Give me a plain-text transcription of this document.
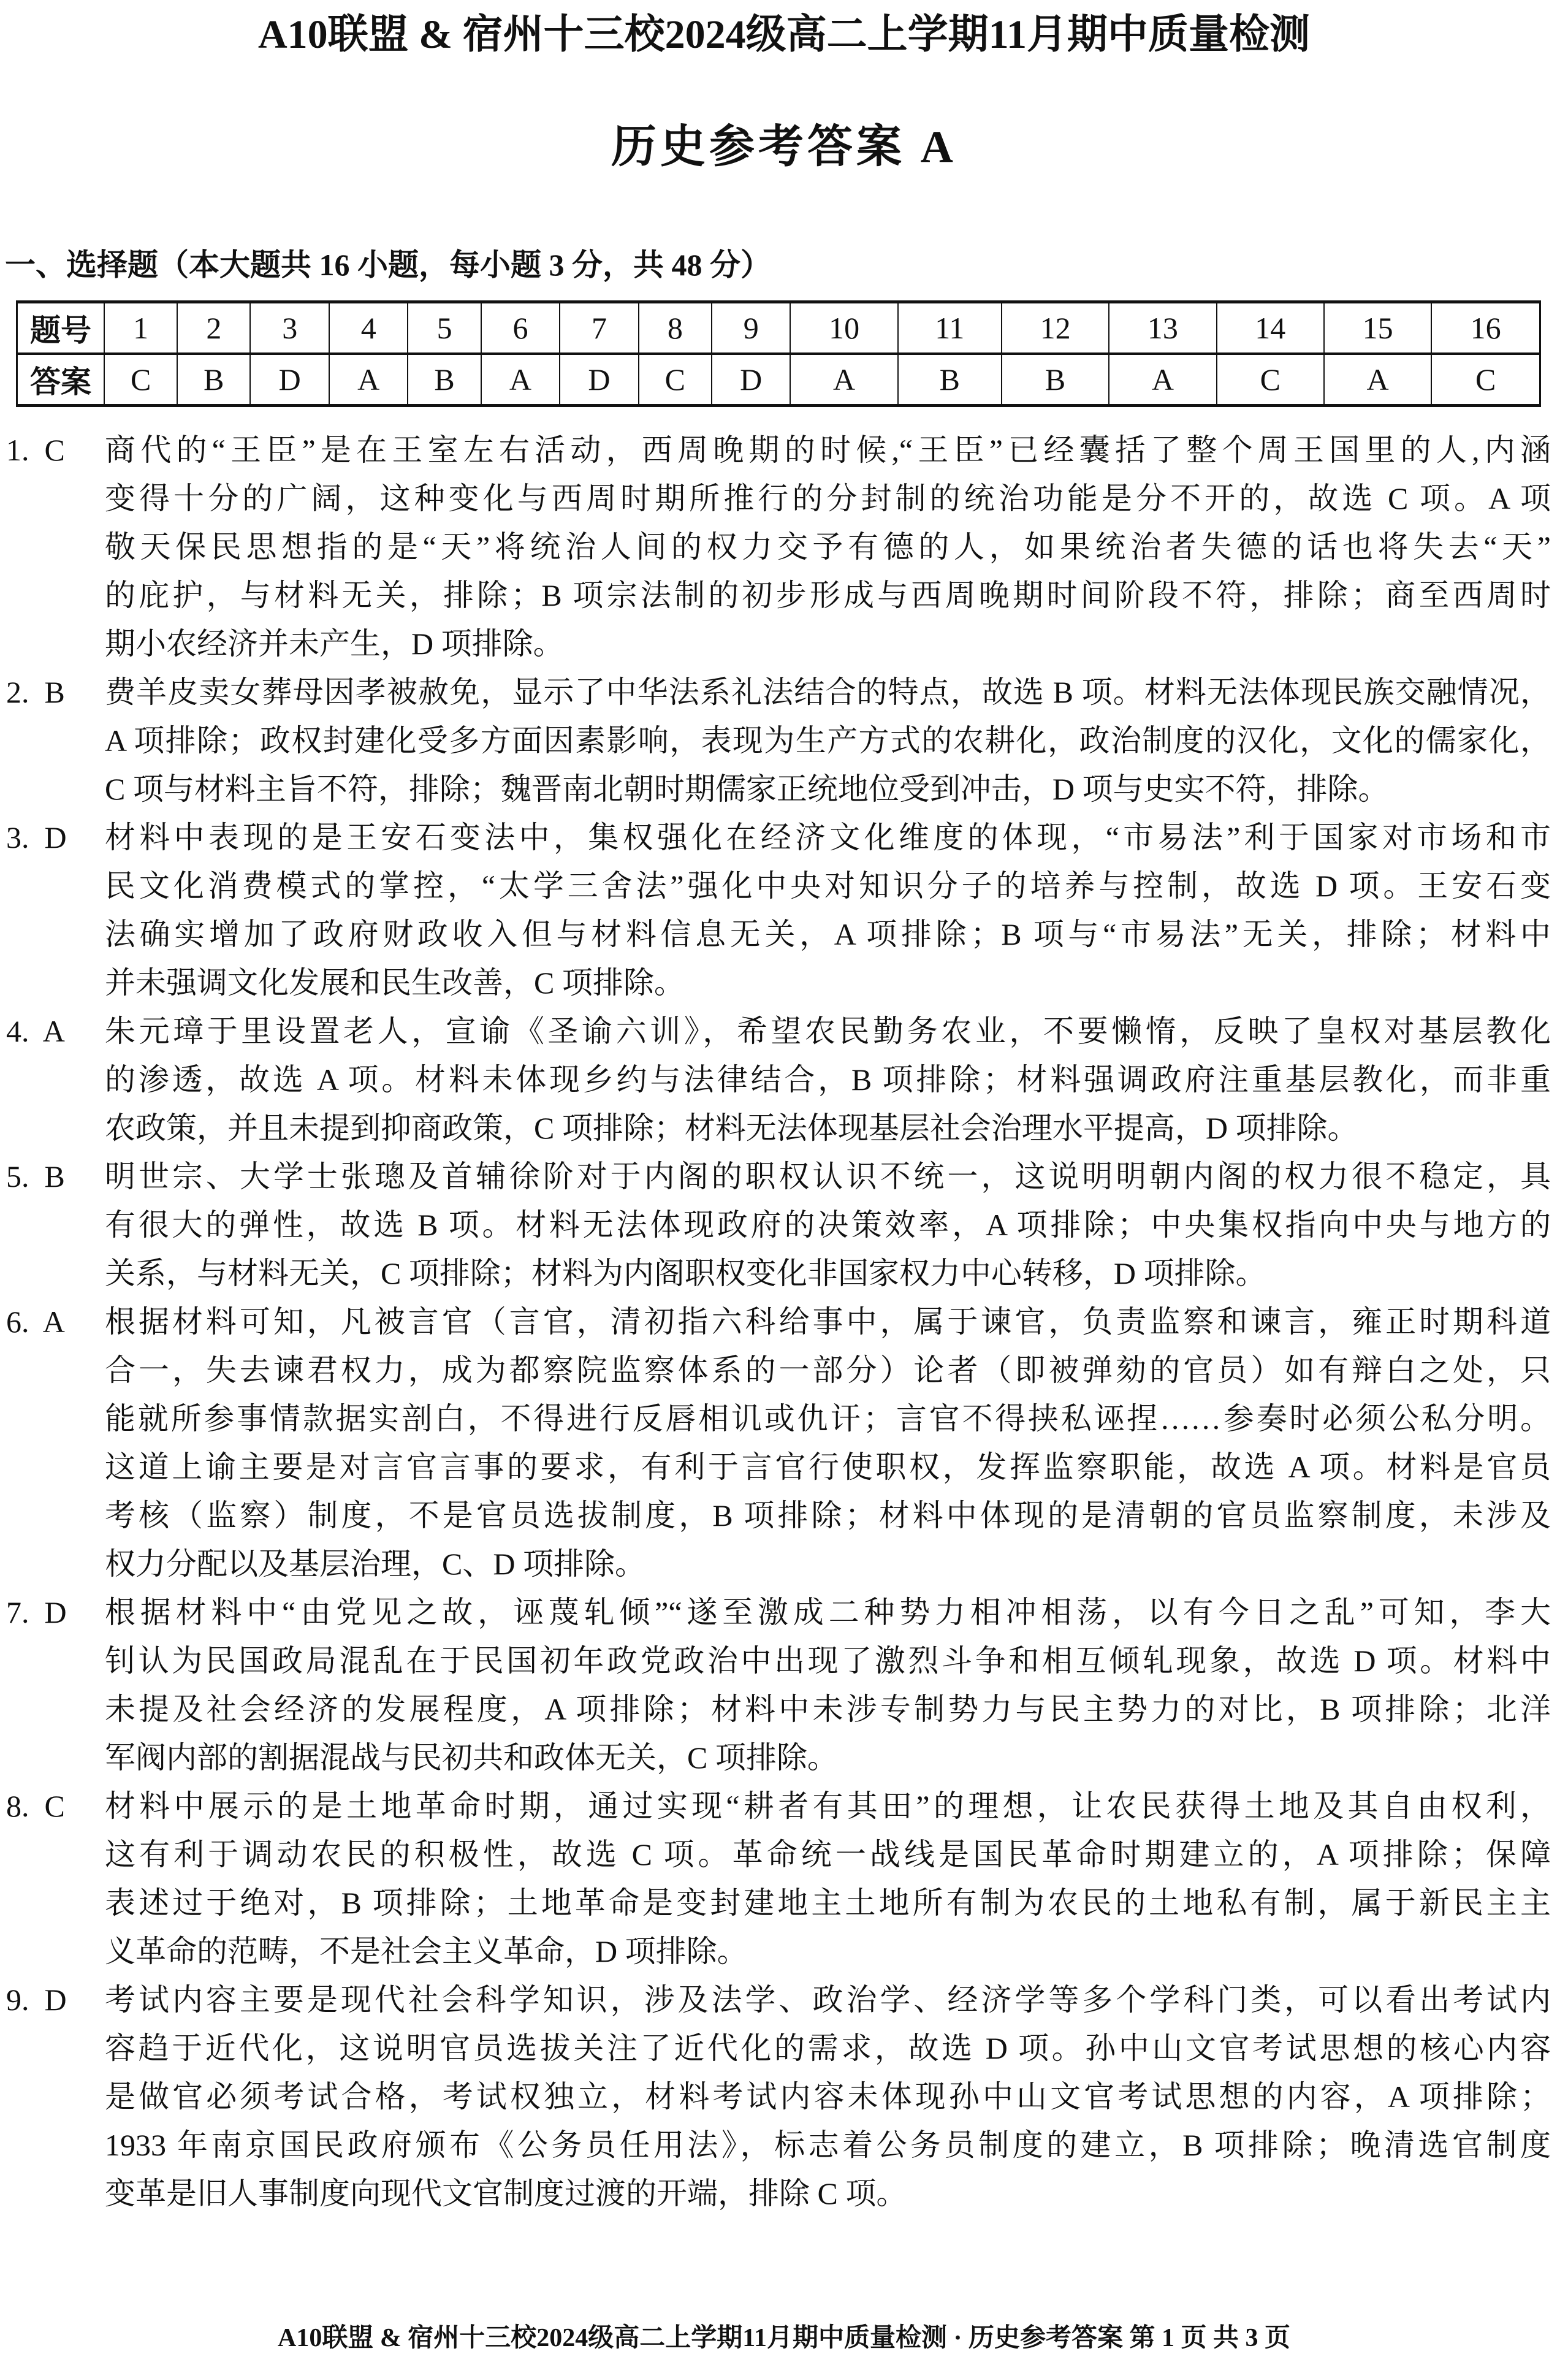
A10联盟 & 宿州十三校2024级高二上学期11月期中质量检测
历史参考答案 A
一、选择题（本大题共 16 小题，每小题 3 分，共 48 分）
题号	1	2	3	4	5	6	7	8	9	10	11	12	13	14	15	16
答案	C	B	D	A	B	A	D	C	D	A	B	B	A	C	A	C
1.  C 商代的“王臣”是在王室左右活动，西周晚期的时候,“王臣”已经囊括了整个周王国里的人,内涵
变得十分的广阔，这种变化与西周时期所推行的分封制的统治功能是分不开的，故选 C 项。A 项
敬天保民思想指的是“天”将统治人间的权力交予有德的人，如果统治者失德的话也将失去“天”
的庇护，与材料无关，排除；B 项宗法制的初步形成与西周晚期时间阶段不符，排除；商至西周时
期小农经济并未产生，D 项排除。
2.  B 费羊皮卖女葬母因孝被赦免，显示了中华法系礼法结合的特点，故选 B 项。材料无法体现民族交融情况，
A 项排除；政权封建化受多方面因素影响，表现为生产方式的农耕化，政治制度的汉化，文化的儒家化，
C 项与材料主旨不符，排除；魏晋南北朝时期儒家正统地位受到冲击，D 项与史实不符，排除。
3.  D 材料中表现的是王安石变法中，集权强化在经济文化维度的体现，“市易法”利于国家对市场和市
民文化消费模式的掌控，“太学三舍法”强化中央对知识分子的培养与控制，故选 D 项。王安石变
法确实增加了政府财政收入但与材料信息无关，A 项排除；B 项与“市易法”无关，排除；材料中
并未强调文化发展和民生改善，C 项排除。
4.  A 朱元璋于里设置老人，宣谕《圣谕六训》，希望农民勤务农业，不要懒惰，反映了皇权对基层教化
的渗透，故选 A 项。材料未体现乡约与法律结合，B 项排除；材料强调政府注重基层教化，而非重
农政策，并且未提到抑商政策，C 项排除；材料无法体现基层社会治理水平提高，D 项排除。
5.  B 明世宗、大学士张璁及首辅徐阶对于内阁的职权认识不统一，这说明明朝内阁的权力很不稳定，具
有很大的弹性，故选 B 项。材料无法体现政府的决策效率，A 项排除；中央集权指向中央与地方的
关系，与材料无关，C 项排除；材料为内阁职权变化非国家权力中心转移，D 项排除。
6.  A 根据材料可知，凡被言官（言官，清初指六科给事中，属于谏官，负责监察和谏言，雍正时期科道
合一，失去谏君权力，成为都察院监察体系的一部分）论者（即被弹劾的官员）如有辩白之处，只
能就所参事情款据实剖白，不得进行反唇相讥或仇讦；言官不得挟私诬捏……参奏时必须公私分明。
这道上谕主要是对言官言事的要求，有利于言官行使职权，发挥监察职能，故选 A 项。材料是官员
考核（监察）制度，不是官员选拔制度，B 项排除；材料中体现的是清朝的官员监察制度，未涉及
权力分配以及基层治理，C、D 项排除。
7.  D 根据材料中“由党见之故，诬蔑轧倾”“遂至激成二种势力相冲相荡，以有今日之乱”可知，李大
钊认为民国政局混乱在于民国初年政党政治中出现了激烈斗争和相互倾轧现象，故选 D 项。材料中
未提及社会经济的发展程度，A 项排除；材料中未涉专制势力与民主势力的对比，B 项排除；北洋
军阀内部的割据混战与民初共和政体无关，C 项排除。
8.  C 材料中展示的是土地革命时期，通过实现“耕者有其田”的理想，让农民获得土地及其自由权利，
这有利于调动农民的积极性，故选 C 项。革命统一战线是国民革命时期建立的，A 项排除；保障
表述过于绝对，B 项排除；土地革命是变封建地主土地所有制为农民的土地私有制，属于新民主主
义革命的范畴，不是社会主义革命，D 项排除。
9.  D 考试内容主要是现代社会科学知识，涉及法学、政治学、经济学等多个学科门类，可以看出考试内
容趋于近代化，这说明官员选拔关注了近代化的需求，故选 D 项。孙中山文官考试思想的核心内容
是做官必须考试合格，考试权独立，材料考试内容未体现孙中山文官考试思想的内容，A 项排除；
1933 年南京国民政府颁布《公务员任用法》，标志着公务员制度的建立，B 项排除；晚清选官制度
变革是旧人事制度向现代文官制度过渡的开端，排除 C 项。
A10联盟 & 宿州十三校2024级高二上学期11月期中质量检测 · 历史参考答案 第 1 页 共 3 页
